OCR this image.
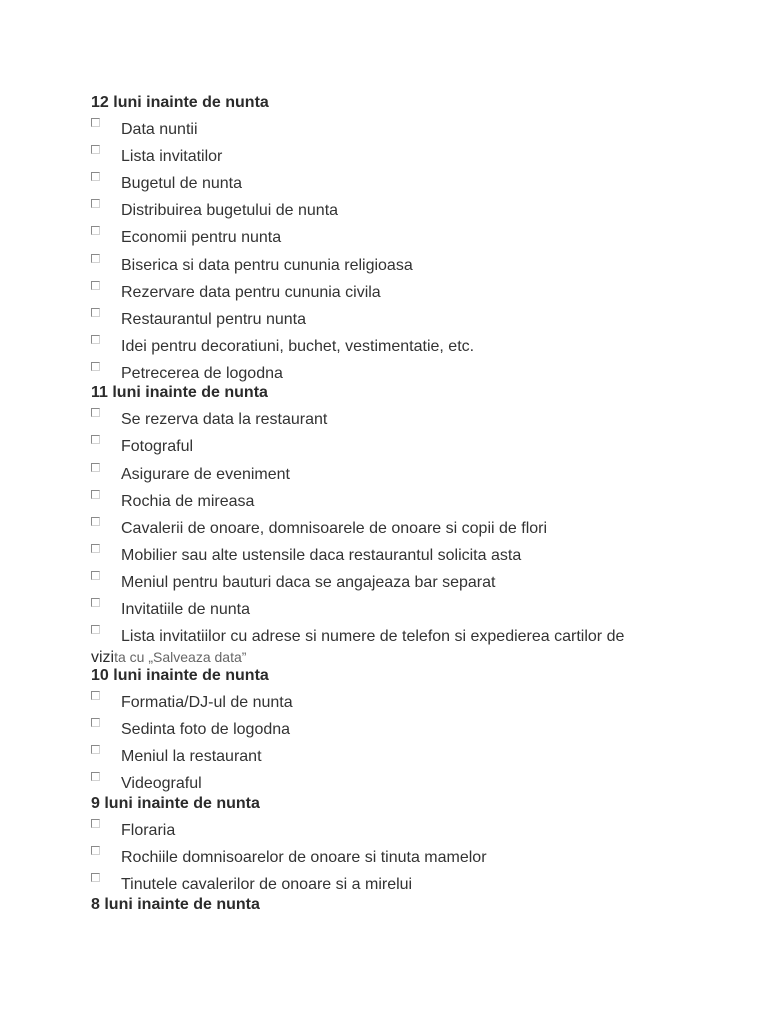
12 luni inainte de nunta
Data nuntii
Lista invitatilor
Bugetul de nunta
Distribuirea bugetului de nunta
Economii pentru nunta
Biserica si data pentru cununia religioasa
Rezervare data pentru cununia civila
Restaurantul pentru nunta
Idei pentru decoratiuni, buchet, vestimentatie, etc.
Petrecerea de logodna
11 luni inainte de nunta
Se rezerva data la restaurant
Fotograful
Asigurare de eveniment
Rochia de mireasa
Cavalerii de onoare, domnisoarele de onoare si copii de flori
Mobilier sau alte ustensile daca restaurantul solicita asta
Meniul pentru bauturi daca se angajeaza bar separat
Invitatiile de nunta
Lista invitatiilor cu adrese si numere de telefon si expedierea cartilor de
vizita cu „Salveaza data”
10 luni inainte de nunta
Formatia/DJ-ul de nunta
Sedinta foto de logodna
Meniul la restaurant
Videograful
9 luni inainte de nunta
Floraria
Rochiile domnisoarelor de onoare si tinuta mamelor
Tinutele cavalerilor de onoare si a mirelui
8 luni inainte de nunta
